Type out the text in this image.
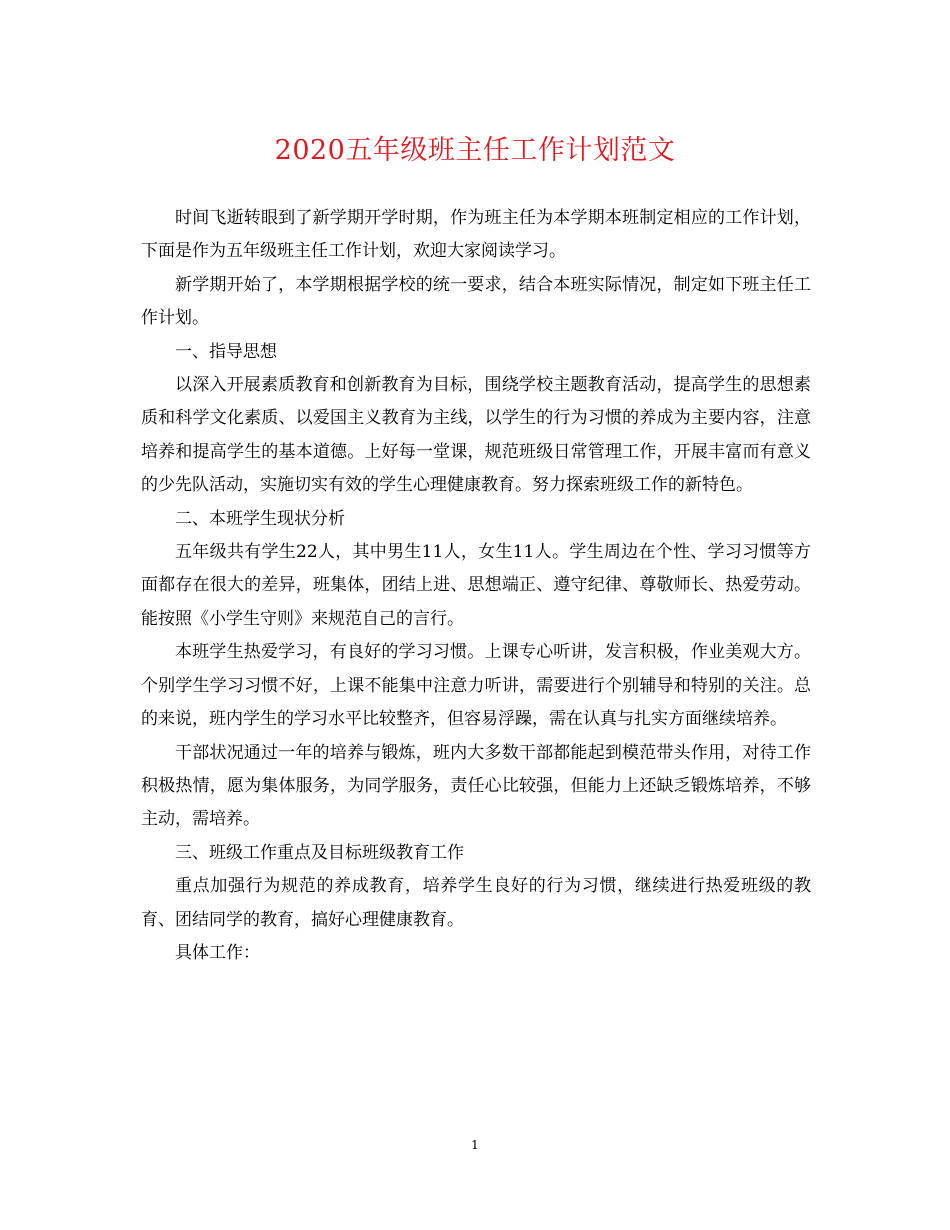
2020五年级班主任工作计划范文

时间飞逝转眼到了新学期开学时期，作为班主任为本学期本班制定相应的工作计划，下面是作为五年级班主任工作计划，欢迎大家阅读学习。

新学期开始了，本学期根据学校的统一要求，结合本班实际情况，制定如下班主任工作计划。

一、指导思想

以深入开展素质教育和创新教育为目标，围绕学校主题教育活动，提高学生的思想素质和科学文化素质、以爱国主义教育为主线，以学生的行为习惯的养成为主要内容，注意培养和提高学生的基本道德。上好每一堂课，规范班级日常管理工作，开展丰富而有意义的少先队活动，实施切实有效的学生心理健康教育。努力探索班级工作的新特色。

二、本班学生现状分析

五年级共有学生22人，其中男生11人，女生11人。学生周边在个性、学习习惯等方面都存在很大的差异，班集体，团结上进、思想端正、遵守纪律、尊敬师长、热爱劳动。能按照《小学生守则》来规范自己的言行。

本班学生热爱学习，有良好的学习习惯。上课专心听讲，发言积极，作业美观大方。个别学生学习习惯不好，上课不能集中注意力听讲，需要进行个别辅导和特别的关注。总的来说，班内学生的学习水平比较整齐，但容易浮躁，需在认真与扎实方面继续培养。

干部状况通过一年的培养与锻炼，班内大多数干部都能起到模范带头作用，对待工作积极热情，愿为集体服务，为同学服务，责任心比较强，但能力上还缺乏锻炼培养，不够主动，需培养。

三、班级工作重点及目标班级教育工作

重点加强行为规范的养成教育，培养学生良好的行为习惯，继续进行热爱班级的教育、团结同学的教育，搞好心理健康教育。

具体工作：

1
